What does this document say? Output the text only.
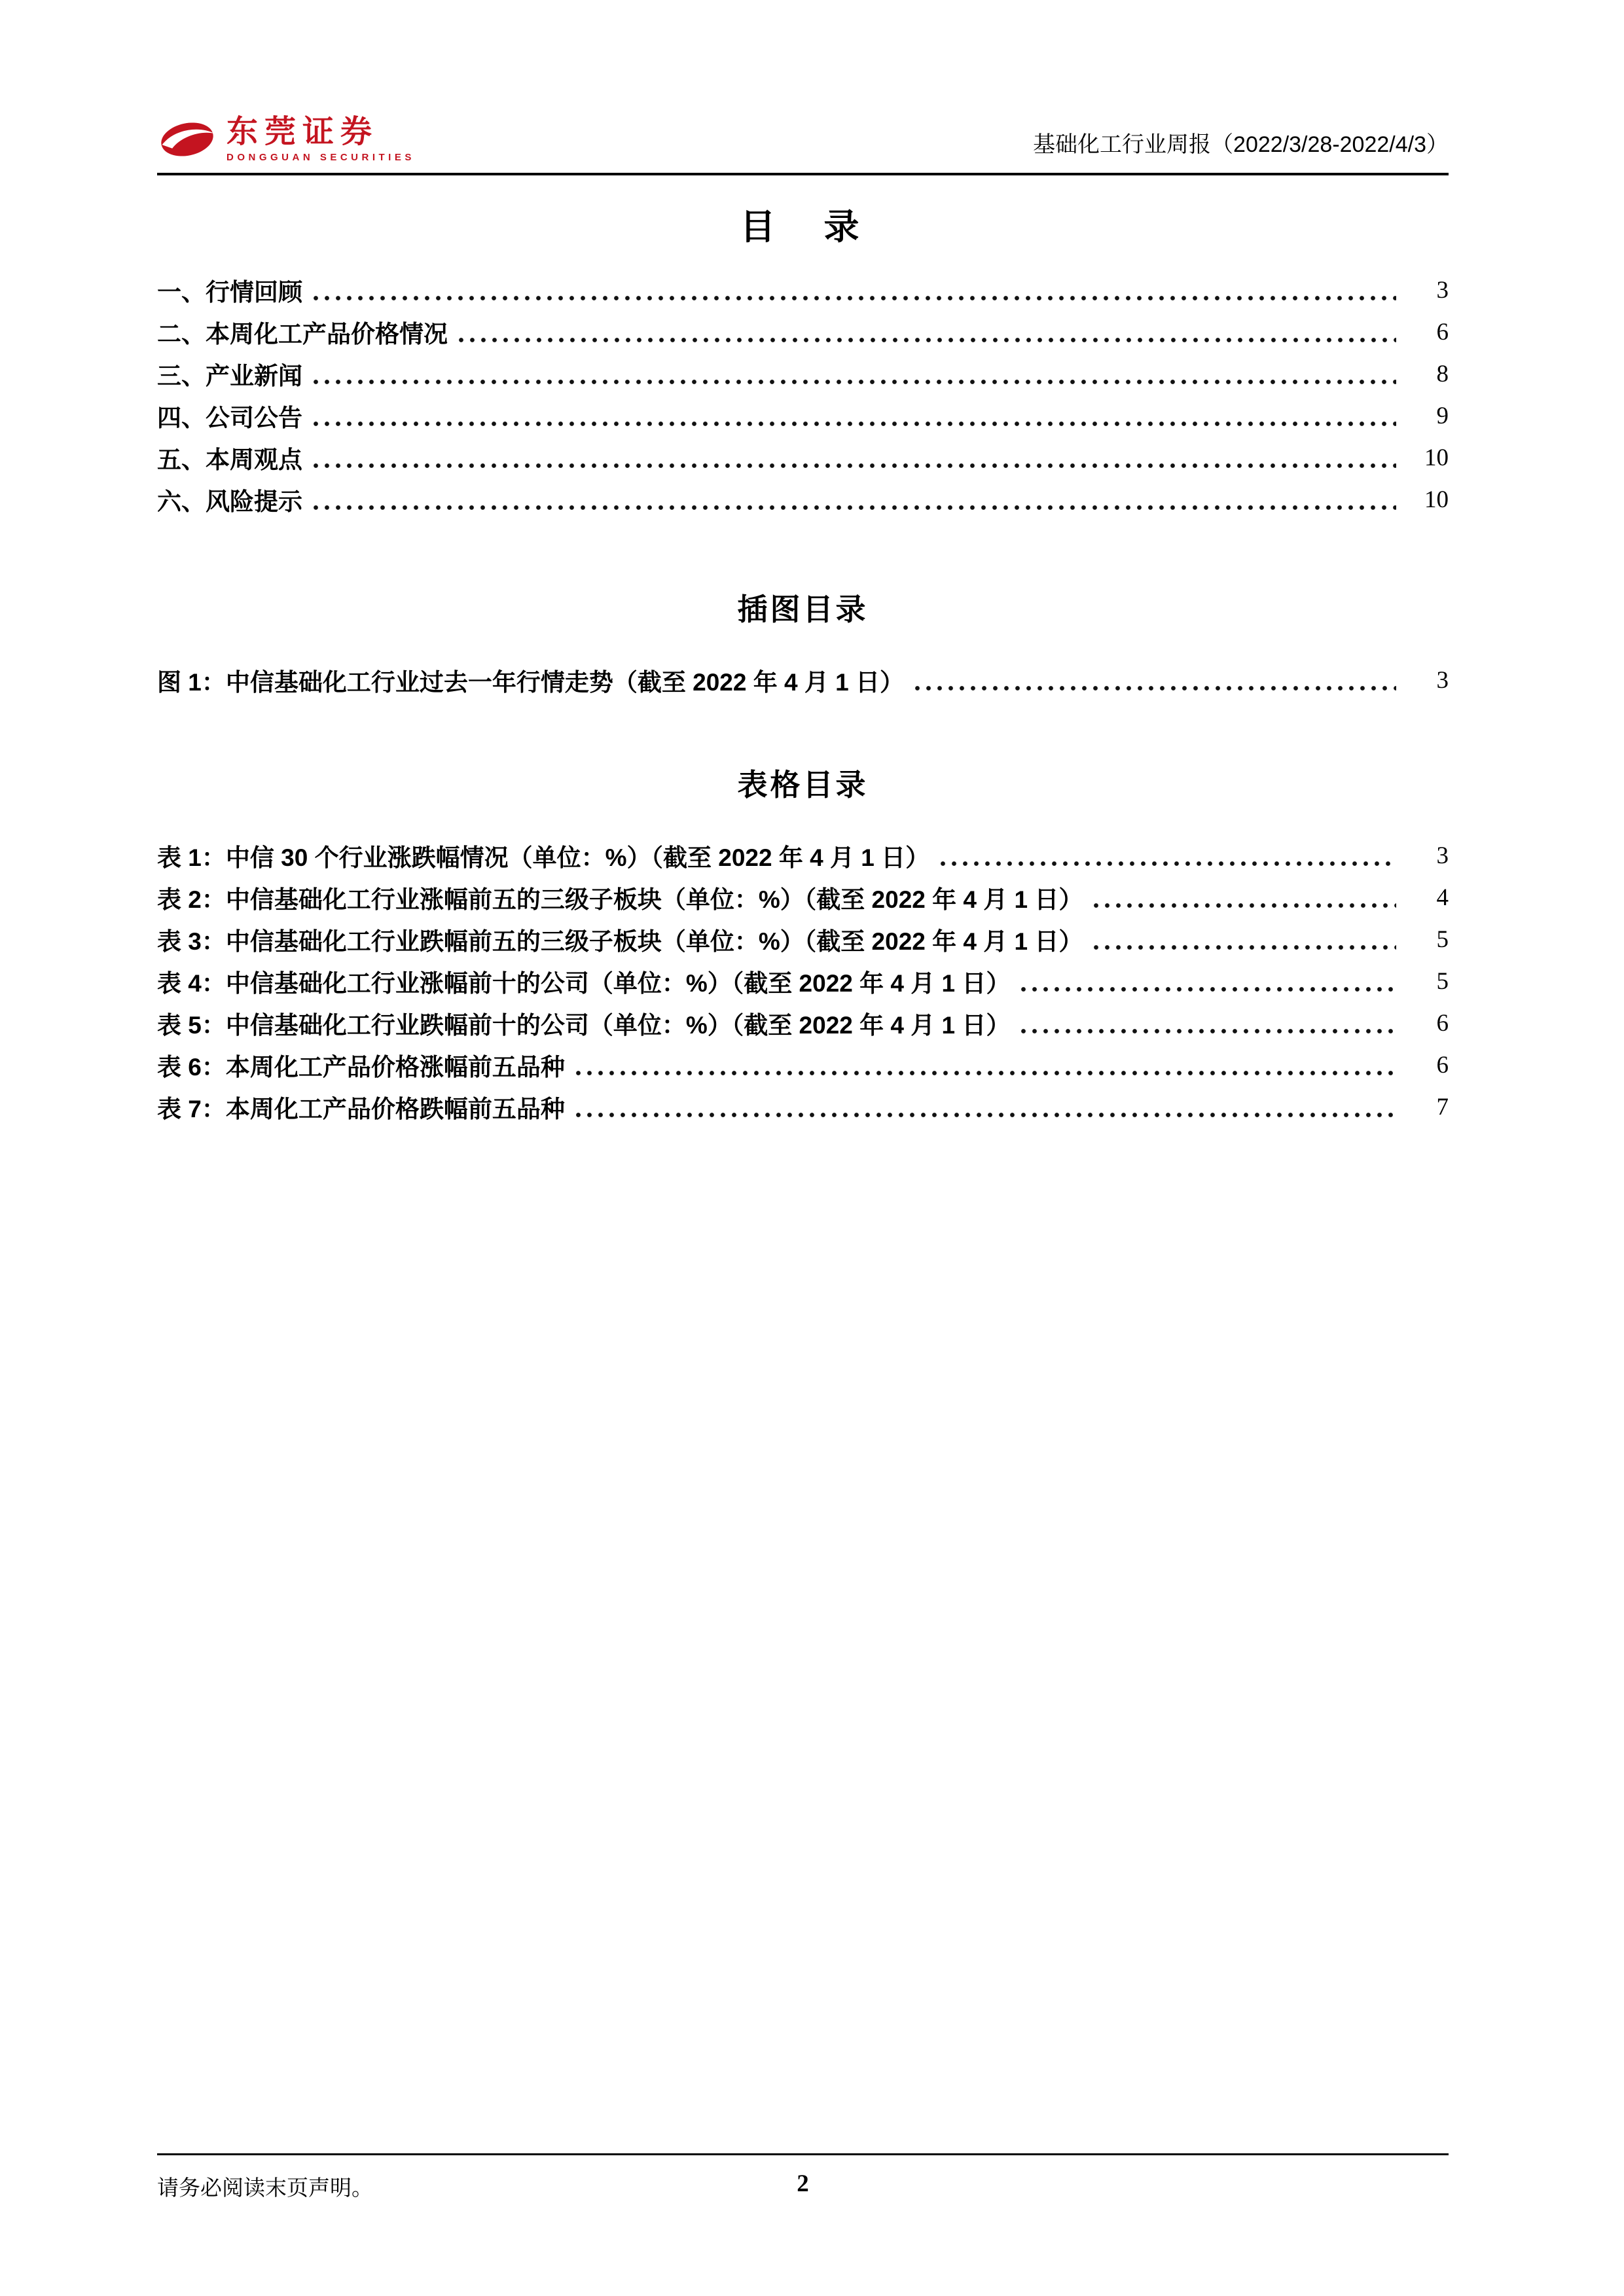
东莞证券
DONGGUAN SECURITIES
基础化工行业周报（2022/3/28-2022/4/3）
目　录
一、行情回顾	3
二、本周化工产品价格情况	6
三、产业新闻	8
四、公司公告	9
五、本周观点	10
六、风险提示	10
插图目录
图 1：中信基础化工行业过去一年行情走势（截至 2022 年 4 月 1 日）	3
表格目录
表 1：中信 30 个行业涨跌幅情况（单位：%）（截至 2022 年 4 月 1 日）	3
表 2：中信基础化工行业涨幅前五的三级子板块（单位：%）（截至 2022 年 4 月 1 日）	4
表 3：中信基础化工行业跌幅前五的三级子板块（单位：%）（截至 2022 年 4 月 1 日）	5
表 4：中信基础化工行业涨幅前十的公司（单位：%）（截至 2022 年 4 月 1 日）	5
表 5：中信基础化工行业跌幅前十的公司（单位：%）（截至 2022 年 4 月 1 日）	6
表 6：本周化工产品价格涨幅前五品种	6
表 7：本周化工产品价格跌幅前五品种	7
请务必阅读末页声明。	2
